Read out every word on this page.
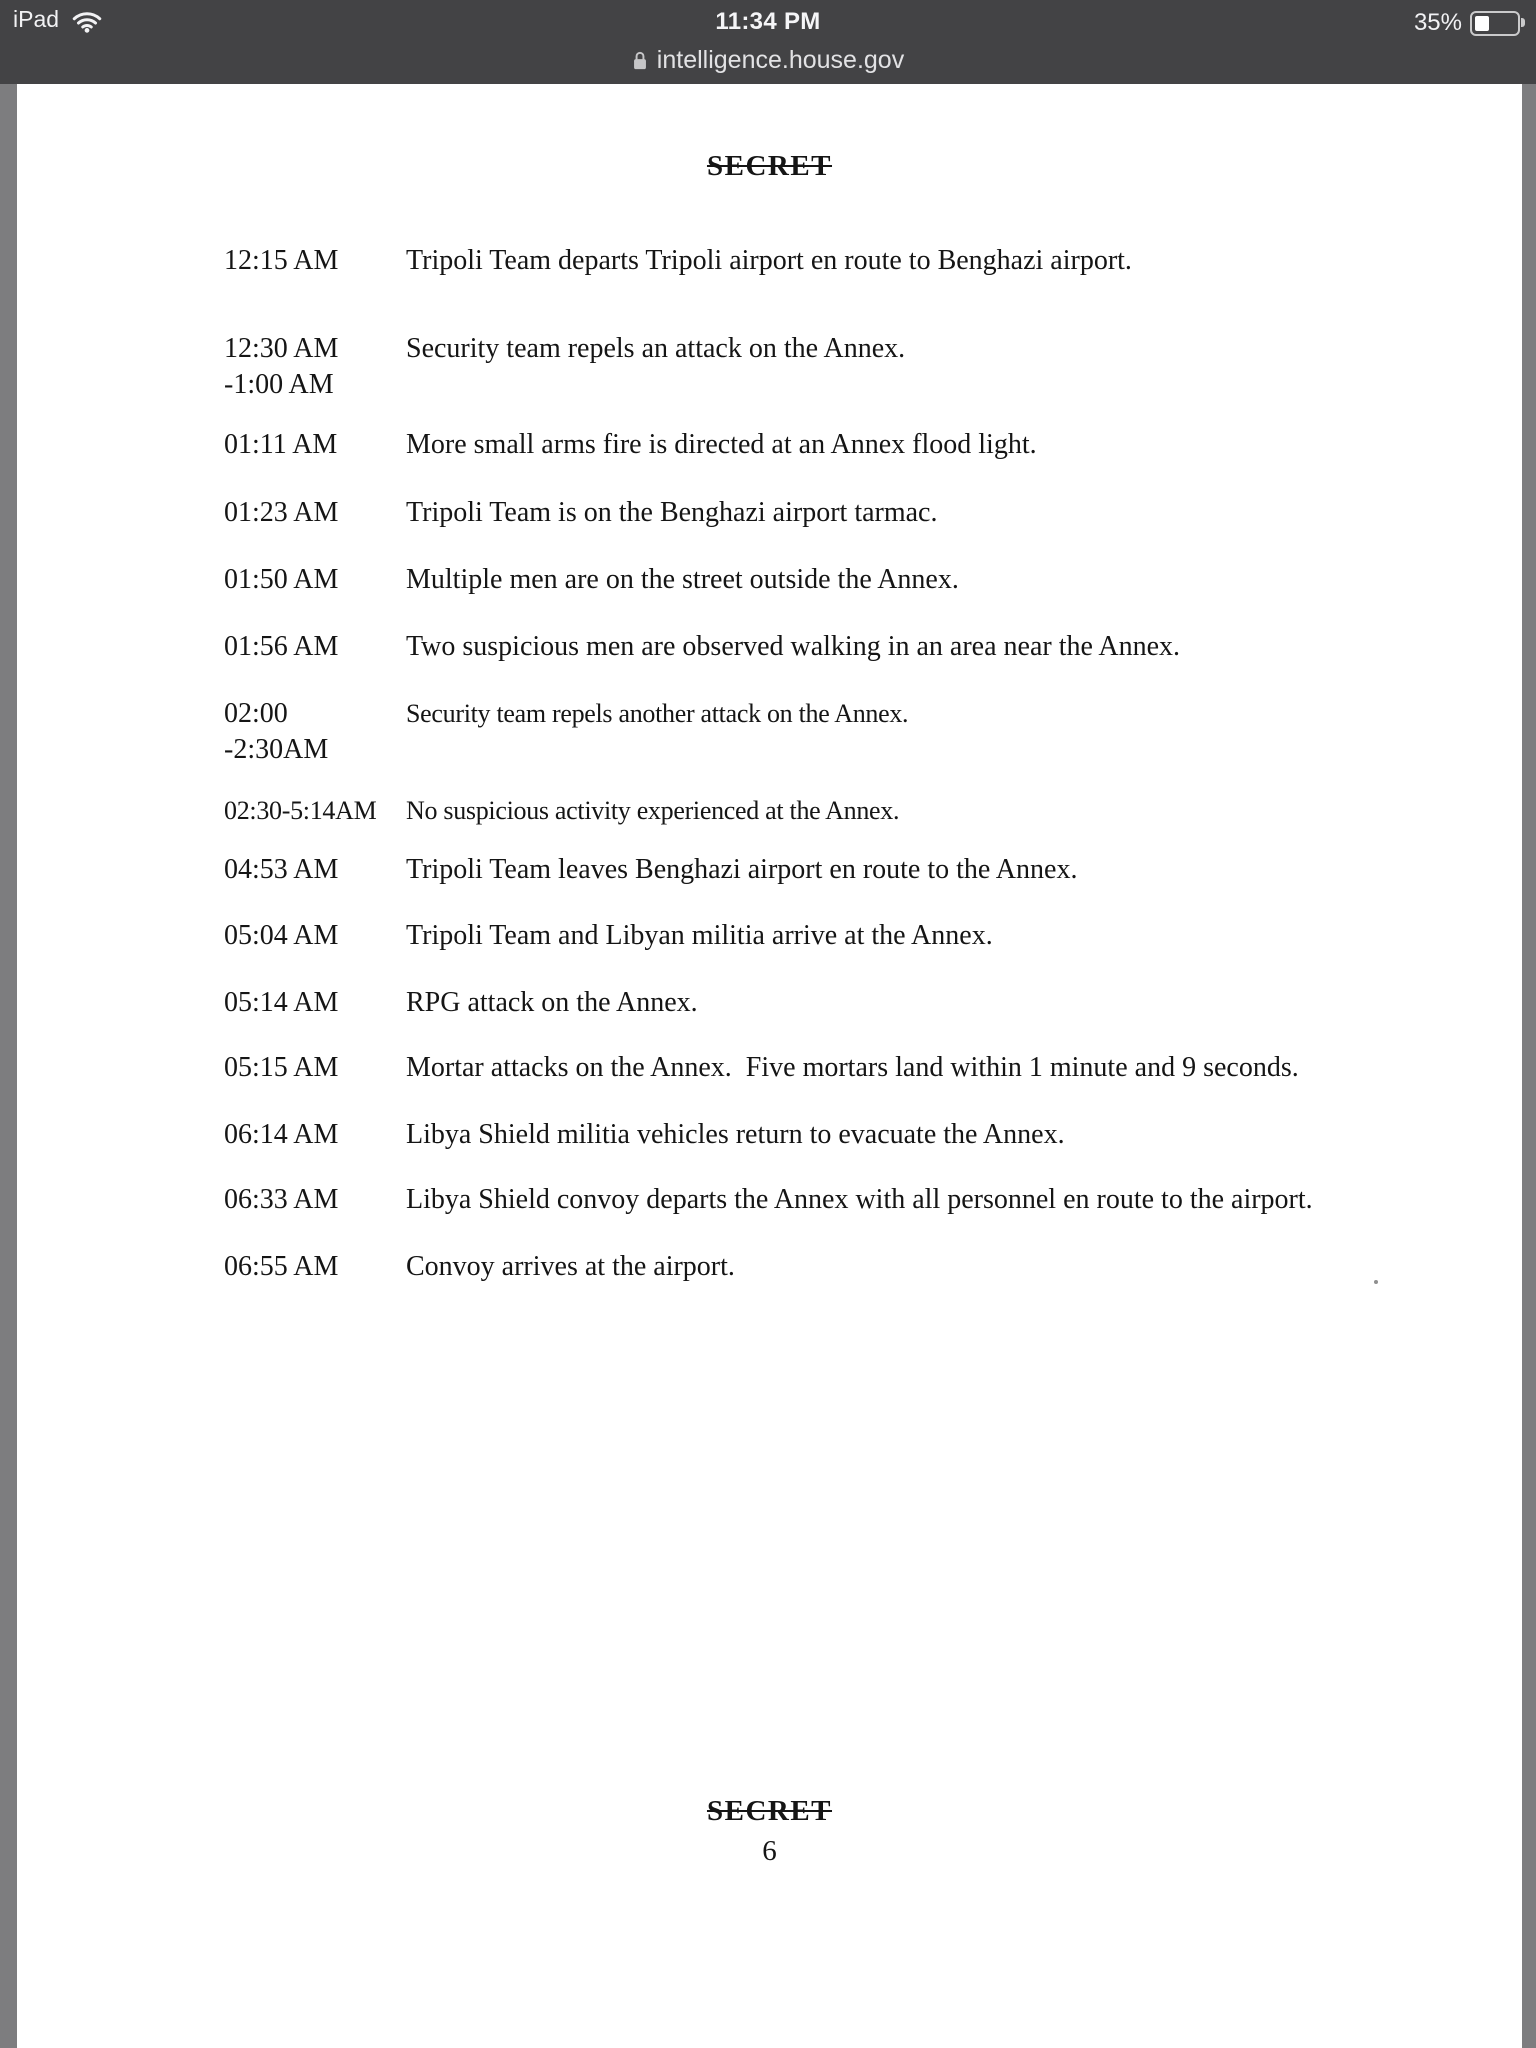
iPad	11:34 PM	35%
intelligence.house.gov
SECRET
12:15 AM Tripoli Team departs Tripoli airport en route to Benghazi airport.
12:30 AM
-1:00 AM
Security team repels an attack on the Annex.
01:11 AM More small arms fire is directed at an Annex flood light.
01:23 AM Tripoli Team is on the Benghazi airport tarmac.
01:50 AM Multiple men are on the street outside the Annex.
01:56 AM Two suspicious men are observed walking in an area near the Annex.
02:00
-2:30AM
Security team repels another attack on the Annex.
02:30-5:14AM No suspicious activity experienced at the Annex.
04:53 AM Tripoli Team leaves Benghazi airport en route to the Annex.
05:04 AM Tripoli Team and Libyan militia arrive at the Annex.
05:14 AM RPG attack on the Annex.
05:15 AM Mortar attacks on the Annex.  Five mortars land within 1 minute and 9 seconds.
06:14 AM Libya Shield militia vehicles return to evacuate the Annex.
06:33 AM Libya Shield convoy departs the Annex with all personnel en route to the airport.
06:55 AM Convoy arrives at the airport.
SECRET
6
